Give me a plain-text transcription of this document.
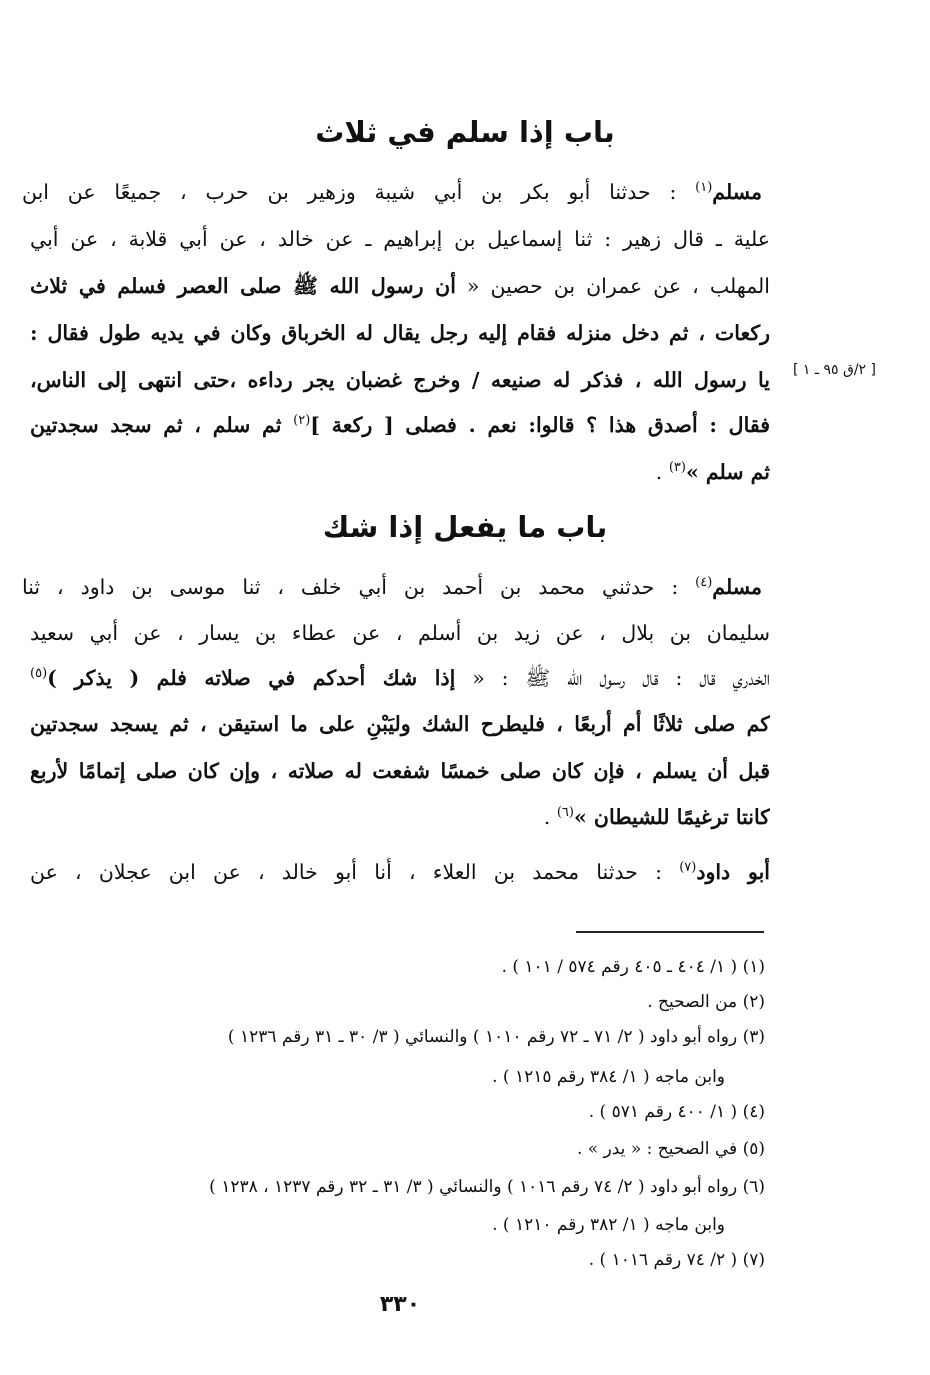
باب إذا سلم في ثلاث
مسلم$^{(١)}$ : حدثنا أبو بكر بن أبي شيبة وزهير بن حرب ، جميعًا عن ابن
علية ـ قال زهير : ثنا إسماعيل بن إبراهيم ـ عن خالد ، عن أبي قلابة ، عن أبي
المهلب ، عن عمران بن حصين « أن رسول الله ﷺ صلى العصر فسلم في ثلاث
ركعات ، ثم دخل منزله فقام إليه رجل يقال له الخرباق وكان في يديه طول فقال :
يا رسول الله ، فذكر له صنيعه / وخرج غضبان يجر رداءه ،حتى انتهى إلى الناس،
فقال : أصدق هذا ؟ قالوا: نعم . فصلى [ ركعة ]$^{(٢)}$ ثم سلم ، ثم سجد سجدتين
ثم سلم »$^{(٣)}$ .
[ ٢/ق ٩٥ ـ ١ ]
باب ما يفعل إذا شك
مسلم$^{(٤)}$ : حدثني محمد بن أحمد بن أبي خلف ، ثنا موسى بن داود ، ثنا
سليمان بن بلال ، عن زيد بن أسلم ، عن عطاء بن يسار ، عن أبي سعيد
الخدري قال : قال رسول الله ﷺ : « إذا شك أحدكم في صلاته فلم ( يذكر )$^{(٥)}$
كم صلى ثلاثًا أم أربعًا ، فليطرح الشك وليَبْنِ على ما استيقن ، ثم يسجد سجدتين
قبل أن يسلم ، فإن كان صلى خمسًا شفعت له صلاته ، وإن كان صلى إتمامًا لأربع
كانتا ترغيمًا للشيطان »$^{(٦)}$ .
أبو داود$^{(٧)}$ : حدثنا محمد بن العلاء ، أنا أبو خالد ، عن ابن عجلان ، عن
(١) ( ١/ ٤٠٤ ـ ٤٠٥ رقم ٥٧٤ / ١٠١ ) .
(٢) من الصحيح .
(٣) رواه أبو داود ( ٢/ ٧١ ـ ٧٢ رقم ١٠١٠ ) والنسائي ( ٣/ ٣٠ ـ ٣١ رقم ١٢٣٦ )
وابن ماجه ( ١/ ٣٨٤ رقم ١٢١٥ ) .
(٤) ( ١/ ٤٠٠ رقم ٥٧١ ) .
(٥) في الصحيح : « يدر » .
(٦) رواه أبو داود ( ٢/ ٧٤ رقم ١٠١٦ ) والنسائي ( ٣/ ٣١ ـ ٣٢ رقم ١٢٣٧ ، ١٢٣٨ )
وابن ماجه ( ١/ ٣٨٢ رقم ١٢١٠ ) .
(٧) ( ٢/ ٧٤ رقم ١٠١٦ ) .
٣٣٠
